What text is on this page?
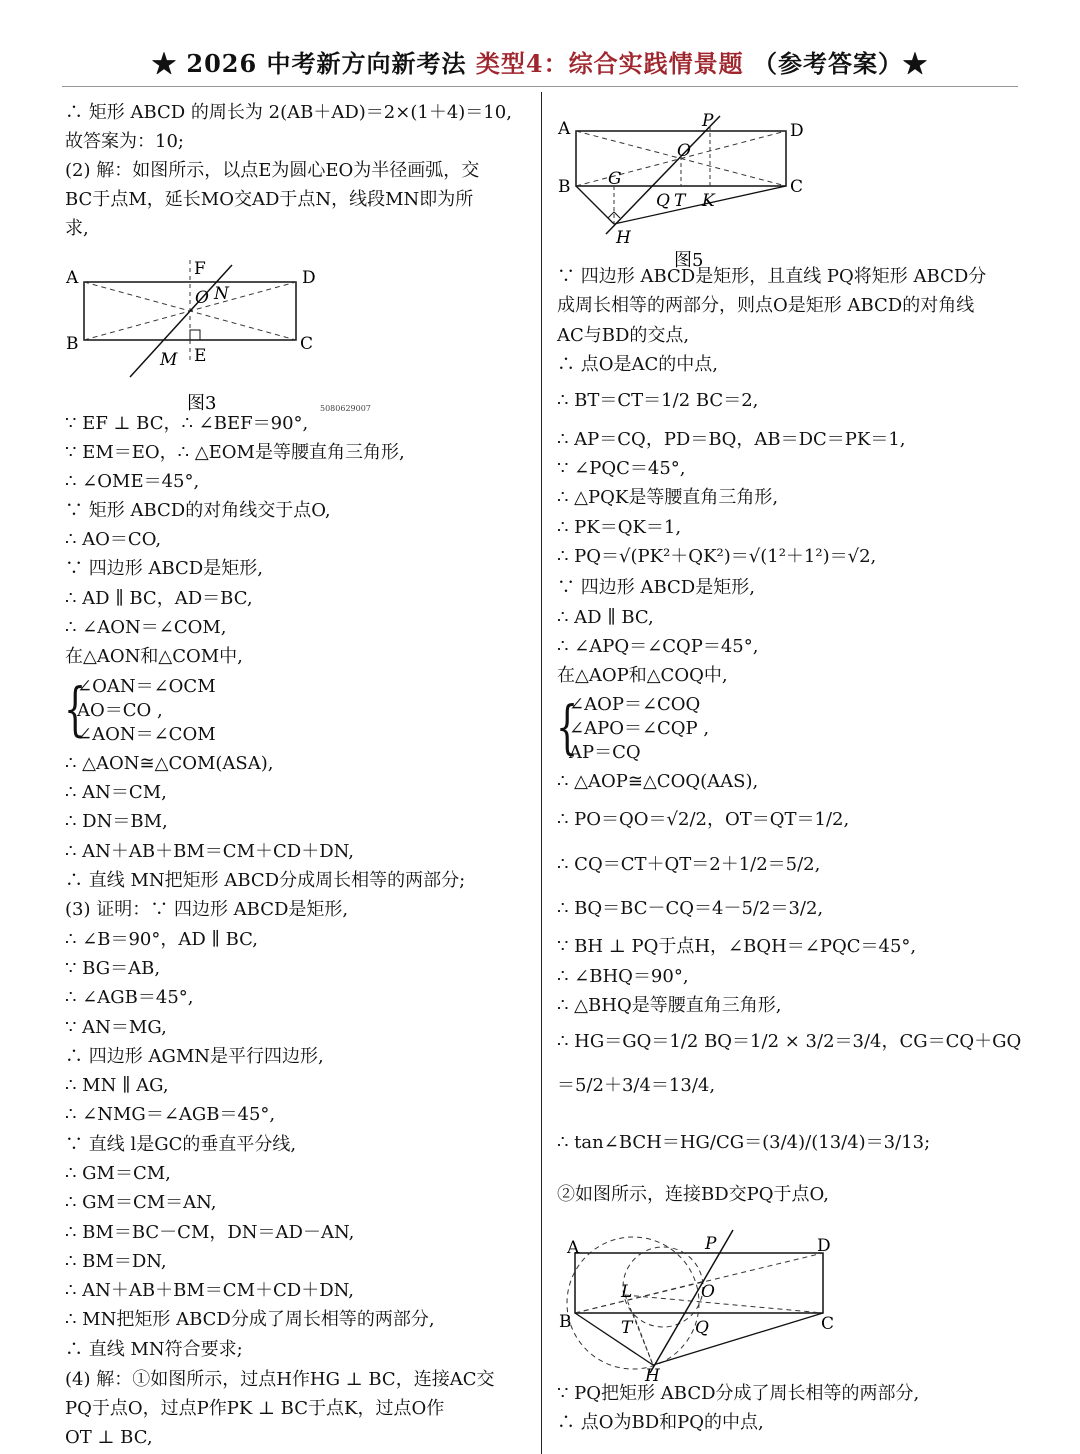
★ 2026 中考新方向新考法 类型4：综合实践情景题 （参考答案）★
∴ 矩形 ABCD 的周长为 2(AB＋AD)＝2×(1＋4)＝10,
故答案为：10;
(2) 解：如图所示，以点E为圆心EO为半径画弧，交
BC于点M，延长MO交AD于点N，线段MN即为所
求,
∵ EF ⊥ BC，∴ ∠BEF＝90°,
∵ EM＝EO，∴ △EOM是等腰直角三角形,
∴ ∠OME＝45°,
∵ 矩形 ABCD的对角线交于点O,
∴ AO＝CO,
∵ 四边形 ABCD是矩形,
∴ AD ∥ BC，AD＝BC,
∴ ∠AON＝∠COM,
在△AON和△COM中,
∠OAN＝∠OCM
AO＝CO ,
∠AON＝∠COM
∴ △AON≅△COM(ASA),
∴ AN＝CM,
∴ DN＝BM,
∴ AN＋AB＋BM＝CM＋CD＋DN,
∴ 直线 MN把矩形 ABCD分成周长相等的两部分;
(3) 证明：∵ 四边形 ABCD是矩形,
∴ ∠B＝90°，AD ∥ BC,
∵ BG＝AB,
∴ ∠AGB＝45°,
∵ AN＝MG,
∴ 四边形 AGMN是平行四边形,
∴ MN ∥ AG,
∴ ∠NMG＝∠AGB＝45°,
∵ 直线 l是GC的垂直平分线,
∴ GM＝CM,
∴ GM＝CM＝AN,
∴ BM＝BC－CM，DN＝AD－AN,
∴ BM＝DN,
∴ AN＋AB＋BM＝CM＋CD＋DN,
∴ MN把矩形 ABCD分成了周长相等的两部分,
∴ 直线 MN符合要求;
(4) 解：①如图所示，过点H作HG ⊥ BC，连接AC交
PQ于点O，过点P作PK ⊥ BC于点K，过点O作
OT ⊥ BC,
∵ 四边形 ABCD是矩形，且直线 PQ将矩形 ABCD分
成周长相等的两部分，则点O是矩形 ABCD的对角线
AC与BD的交点,
∴ 点O是AC的中点,
∴ BT＝CT＝1/2 BC＝2,
∴ AP＝CQ，PD＝BQ，AB＝DC＝PK＝1,
∵ ∠PQC＝45°,
∴ △PQK是等腰直角三角形,
∴ PK＝QK＝1,
∴ PQ＝√(PK²＋QK²)＝√(1²＋1²)＝√2,
∵ 四边形 ABCD是矩形,
∴ AD ∥ BC,
∴ ∠APQ＝∠CQP＝45°,
在△AOP和△COQ中,
∠AOP＝∠COQ
∠APO＝∠CQP ,
AP＝CQ
∴ △AOP≅△COQ(AAS),
∴ PO＝QO＝√2/2，OT＝QT＝1/2,
∴ CQ＝CT＋QT＝2＋1/2＝5/2,
∴ BQ＝BC－CQ＝4－5/2＝3/2,
∵ BH ⊥ PQ于点H，∠BQH＝∠PQC＝45°,
∴ ∠BHQ＝90°,
∴ △BHQ是等腰直角三角形,
∴ HG＝GQ＝1/2 BQ＝1/2 × 3/2＝3/4，CG＝CQ＋GQ
＝5/2＋3/4＝13/4,
∴ tan∠BCH＝HG/CG＝(3/4)/(13/4)＝3/13;
②如图所示，连接BD交PQ于点O,
∵ PQ把矩形 ABCD分成了周长相等的两部分,
∴ 点O为BD和PQ的中点,
{	{
A	F	D
O N
B
M E
C
图3	5080629007
A	P	D
O
B G
Q T K
C
H
图5
A	P	D
L	O
B	T	Q	C
H
